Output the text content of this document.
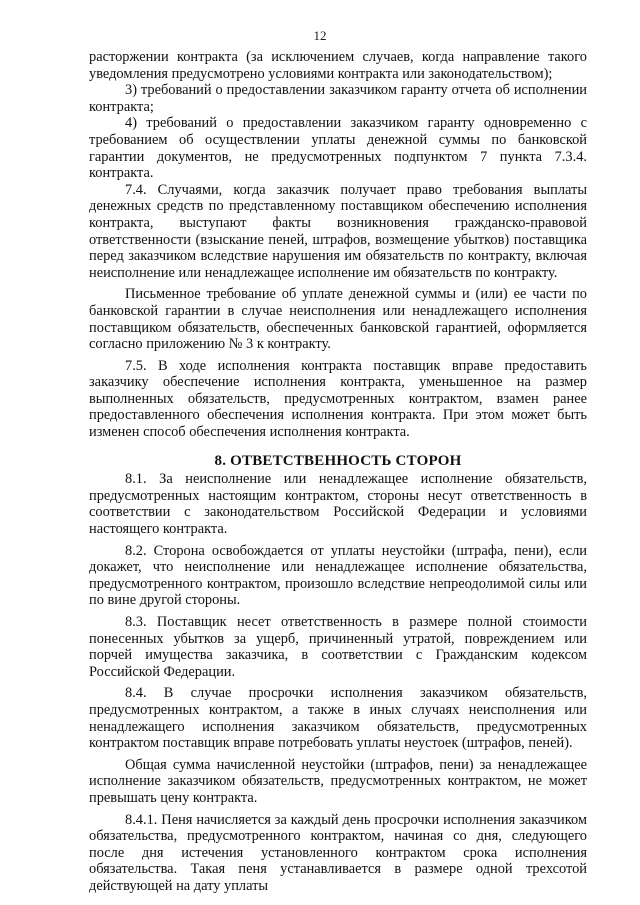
12

расторжении контракта (за исключением случаев, когда направление такого уведомления предусмотрено условиями контракта или законодательством);

3) требований о предоставлении заказчиком гаранту отчета об исполнении контракта;

4) требований о предоставлении заказчиком гаранту одновременно с требованием об осуществлении уплаты денежной суммы по банковской гарантии документов, не предусмотренных подпунктом 7 пункта 7.3.4. контракта.

7.4. Случаями, когда заказчик получает право требования выплаты денежных средств по представленному поставщиком обеспечению исполнения контракта, выступают факты возникновения гражданско-правовой ответственности (взыскание пеней, штрафов, возмещение убытков) поставщика перед заказчиком вследствие нарушения им обязательств по контракту, включая неисполнение или ненадлежащее исполнение им обязательств по контракту.

Письменное требование об уплате денежной суммы и (или) ее части по банковской гарантии в случае неисполнения или ненадлежащего исполнения поставщиком обязательств, обеспеченных банковской гарантией, оформляется согласно приложению № 3 к контракту.

7.5. В ходе исполнения контракта поставщик вправе предоставить заказчику обеспечение исполнения контракта, уменьшенное на размер выполненных обязательств, предусмотренных контрактом, взамен ранее предоставленного обеспечения исполнения контракта. При этом может быть изменен способ обеспечения исполнения контракта.

8. ОТВЕТСТВЕННОСТЬ СТОРОН

8.1. За неисполнение или ненадлежащее исполнение обязательств, предусмотренных настоящим контрактом, стороны несут ответственность в соответствии с законодательством Российской Федерации и условиями настоящего контракта.

8.2. Сторона освобождается от уплаты неустойки (штрафа, пени), если докажет, что неисполнение или ненадлежащее исполнение обязательства, предусмотренного контрактом, произошло вследствие непреодолимой силы или по вине другой стороны.

8.3. Поставщик несет ответственность в размере полной стоимости понесенных убытков за ущерб, причиненный утратой, повреждением или порчей имущества заказчика, в соответствии с Гражданским кодексом Российской Федерации.

8.4. В случае просрочки исполнения заказчиком обязательств, предусмотренных контрактом, а также в иных случаях неисполнения или ненадлежащего исполнения заказчиком обязательств, предусмотренных контрактом поставщик вправе потребовать уплаты неустоек (штрафов, пеней).

Общая сумма начисленной неустойки (штрафов, пени) за ненадлежащее исполнение заказчиком обязательств, предусмотренных контрактом, не может превышать цену контракта.

8.4.1. Пеня начисляется за каждый день просрочки исполнения заказчиком обязательства, предусмотренного контрактом, начиная со дня, следующего после дня истечения установленного контрактом срока исполнения обязательства. Такая пеня устанавливается в размере одной трехсотой действующей на дату уплаты
